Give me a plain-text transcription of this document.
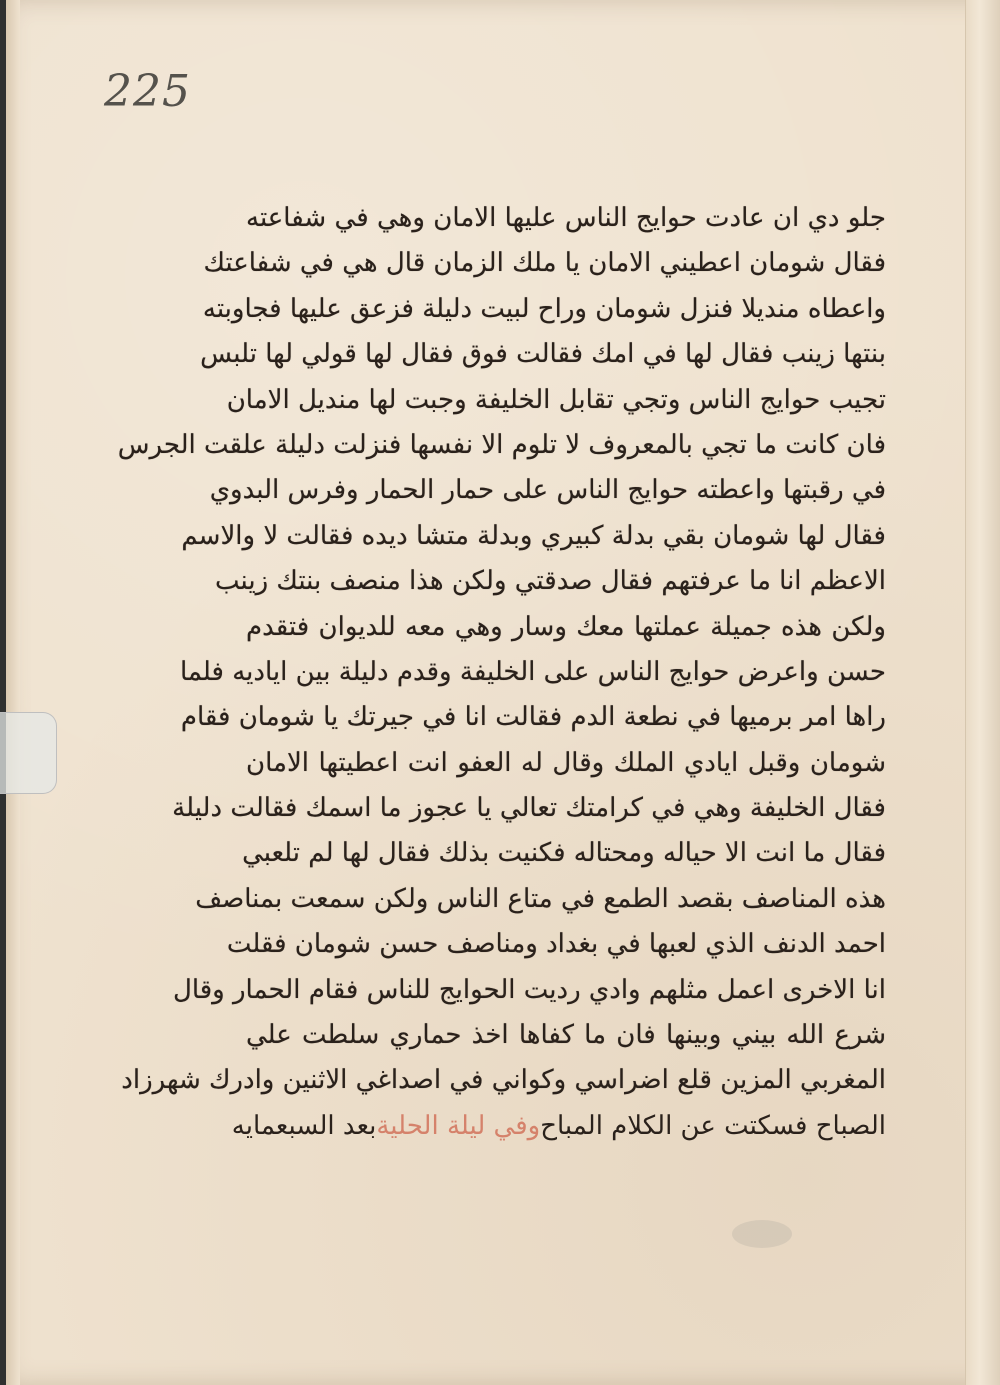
225
جلو دي ان عادت حوايج الناس عليها الامان وهي في شفاعته
فقال شومان اعطيني الامان يا ملك الزمان قال هي في شفاعتك
واعطاه منديلا فنزل شومان وراح لبيت دليلة فزعق عليها فجاوبته
بنتها زينب فقال لها في امك فقالت فوق فقال لها قولي لها تلبس
تجيب حوايج الناس وتجي تقابل الخليفة وجبت لها منديل الامان
فان كانت ما تجي بالمعروف لا تلوم الا نفسها فنزلت دليلة علقت الجرس
في رقبتها واعطته حوايج الناس على حمار الحمار وفرس البدوي
فقال لها شومان بقي بدلة كبيري وبدلة متشا ديده فقالت لا والاسم
الاعظم انا ما عرفتهم فقال صدقتي ولكن هذا منصف بنتك زينب
ولكن هذه جميلة عملتها معك وسار وهي معه للديوان فتقدم
حسن واعرض حوايج الناس على الخليفة وقدم دليلة بين اياديه فلما
راها امر برميها في نطعة الدم فقالت انا في جيرتك يا شومان فقام
شومان وقبل ايادي الملك وقال له العفو انت اعطيتها الامان
فقال الخليفة وهي في كرامتك تعالي يا عجوز ما اسمك فقالت دليلة
فقال ما انت الا حياله ومحتاله فكنيت بذلك فقال لها لم تلعبي
هذه المناصف بقصد الطمع في متاع الناس ولكن سمعت بمناصف
احمد الدنف الذي لعبها في بغداد ومناصف حسن شومان فقلت
انا الاخرى اعمل مثلهم وادي رديت الحوايج للناس فقام الحمار وقال
شرع الله بيني وبينها فان ما كفاها اخذ حماري سلطت علي
المغربي المزين قلع اضراسي وكواني في اصداغي الاثنين وادرك شهرزاد
الصباح فسكتت عن الكلام المباح
وفي ليلة الحلية
بعد السبعمايه
